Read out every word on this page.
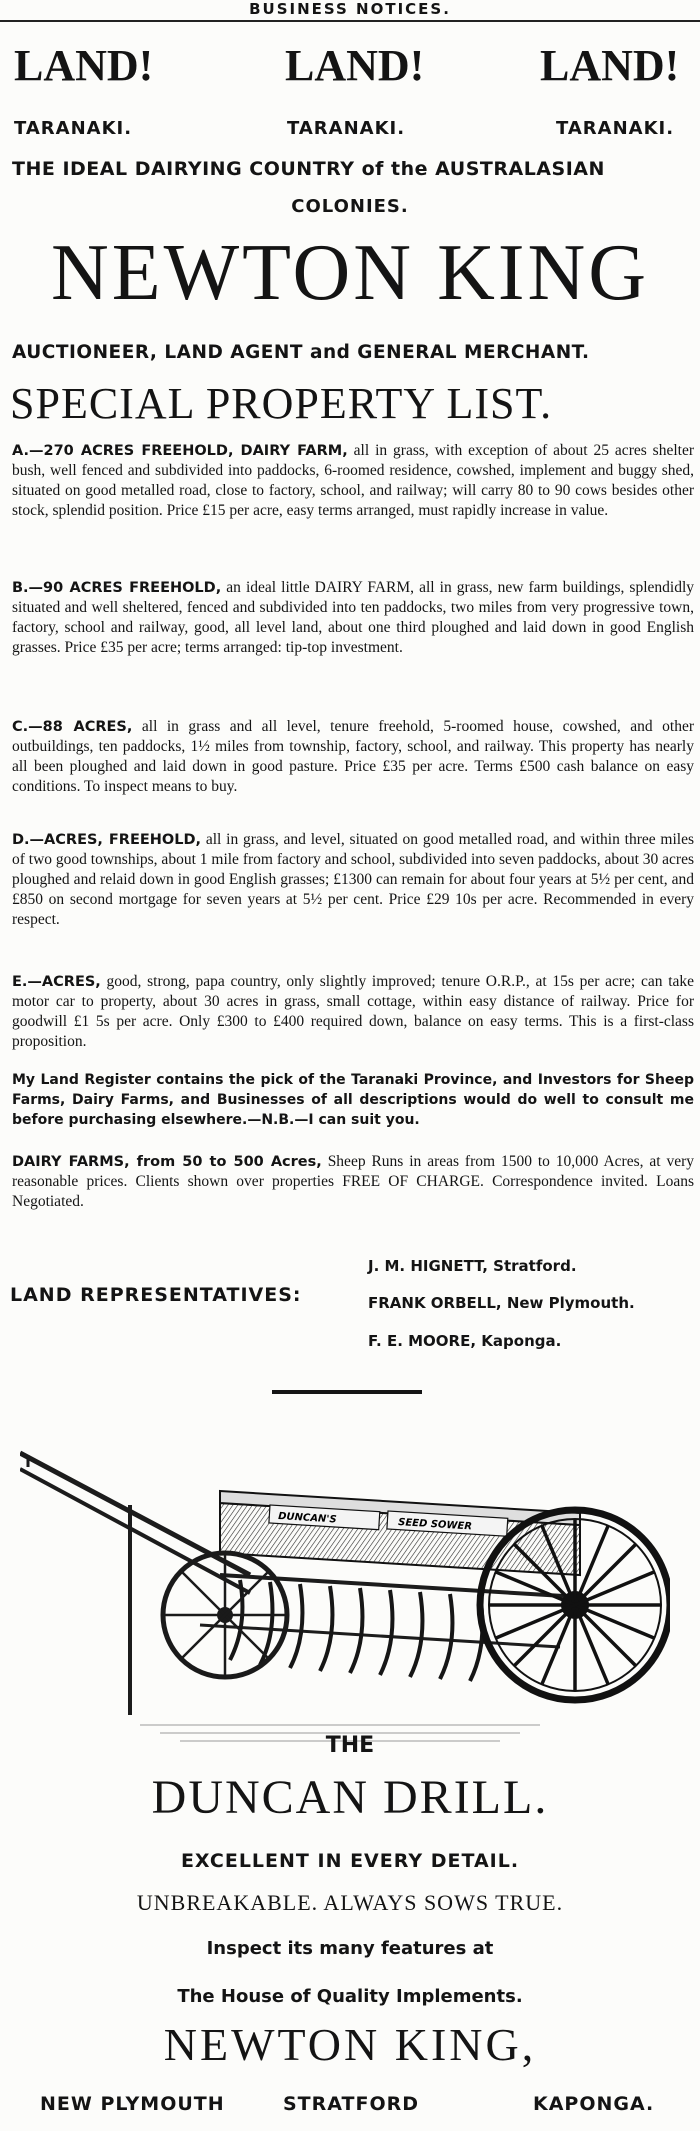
BUSINESS NOTICES.
LAND!	LAND!	LAND!
TARANAKI.	TARANAKI.	TARANAKI.
THE IDEAL DAIRYING COUNTRY of the AUSTRALASIAN
COLONIES.
NEWTON KING
AUCTIONEER, LAND AGENT and GENERAL MERCHANT.
SPECIAL PROPERTY LIST.
A.—270 ACRES FREEHOLD, DAIRY FARM, all in grass, with exception of about 25 acres shelter bush, well fenced and subdivided into paddocks, 6-roomed residence, cowshed, implement and buggy shed, situated on good metalled road, close to factory, school, and railway; will carry 80 to 90 cows besides other stock, splendid position. Price £15 per acre, easy terms arranged, must rapidly increase in value.
B.—90 ACRES FREEHOLD, an ideal little DAIRY FARM, all in grass, new farm buildings, splendidly situated and well sheltered, fenced and subdivided into ten paddocks, two miles from very progressive town, factory, school and railway, good, all level land, about one third ploughed and laid down in good English grasses. Price £35 per acre; terms arranged: tip-top investment.
C.—88 ACRES, all in grass and all level, tenure freehold, 5-roomed house, cowshed, and other outbuildings, ten paddocks, 1½ miles from township, factory, school, and railway. This property has nearly all been ploughed and laid down in good pasture. Price £35 per acre. Terms £500 cash balance on easy conditions. To inspect means to buy.
D.—ACRES, FREEHOLD, all in grass, and level, situated on good metalled road, and within three miles of two good townships, about 1 mile from factory and school, subdivided into seven paddocks, about 30 acres ploughed and relaid down in good English grasses; £1300 can remain for about four years at 5½ per cent, and £850 on second mortgage for seven years at 5½ per cent. Price £29 10s per acre. Recommended in every respect.
E.—ACRES, good, strong, papa country, only slightly improved; tenure O.R.P., at 15s per acre; can take motor car to property, about 30 acres in grass, small cottage, within easy distance of railway. Price for goodwill £1 5s per acre. Only £300 to £400 required down, balance on easy terms. This is a first-class proposition.
My Land Register contains the pick of the Taranaki Province, and Investors for Sheep Farms, Dairy Farms, and Businesses of all descriptions would do well to consult me before purchasing elsewhere.—N.B.—I can suit you.
DAIRY FARMS, from 50 to 500 Acres, Sheep Runs in areas from 1500 to 10,000 Acres, at very reasonable prices. Clients shown over properties FREE OF CHARGE. Correspondence invited. Loans Negotiated.
LAND REPRESENTATIVES:
J. M. HIGNETT, Stratford.
FRANK ORBELL, New Plymouth.
F. E. MOORE, Kaponga.
DUNCAN'S	SEED SOWER
THE
DUNCAN DRILL.
EXCELLENT IN EVERY DETAIL.
UNBREAKABLE. ALWAYS SOWS TRUE.
Inspect its many features at
The House of Quality Implements.
NEWTON KING,
NEW PLYMOUTH	STRATFORD	KAPONGA.
